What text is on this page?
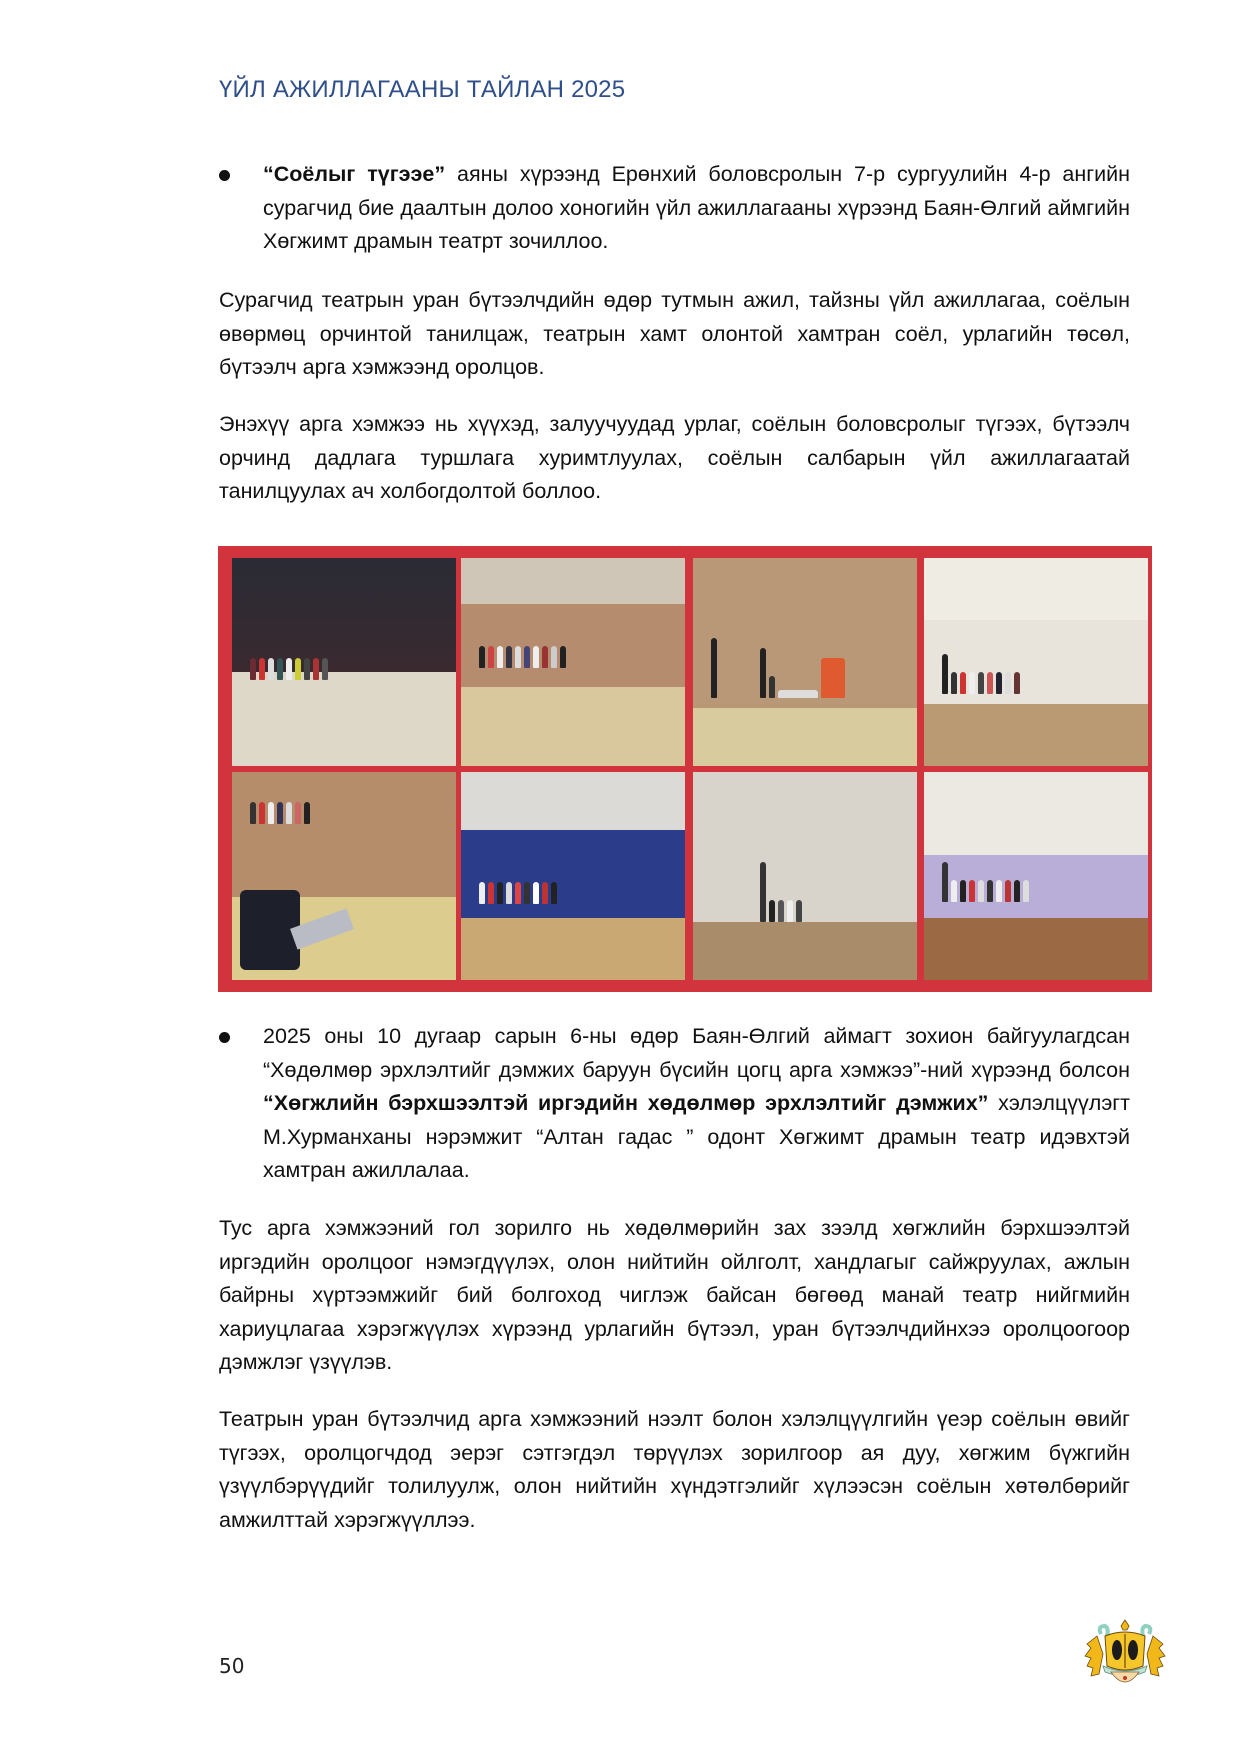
ҮЙЛ АЖИЛЛАГААНЫ ТАЙЛАН 2025
“Соёлыг түгээе” аяны хүрээнд Ерөнхий боловсролын 7-р сургуулийн 4-р ангийн сурагчид бие даалтын долоо хоногийн үйл ажиллагааны хүрээнд Баян-Өлгий аймгийн Хөгжимт драмын театрт зочиллоо.

Сурагчид театрын уран бүтээлчдийн өдөр тутмын ажил, тайзны үйл ажиллагаа, соёлын өвөрмөц орчинтой танилцаж, театрын хамт олонтой хамтран соёл, урлагийн төсөл, бүтээлч арга хэмжээнд оролцов.

Энэхүү арга хэмжээ нь хүүхэд, залуучуудад урлаг, соёлын боловсролыг түгээх, бүтээлч орчинд дадлага туршлага хуримтлуулах, соёлын салбарын үйл ажиллагаатай танилцуулах ач холбогдолтой боллоо.

2025 оны 10 дугаар сарын 6-ны өдөр Баян-Өлгий аймагт зохион байгуулагдсан “Хөдөлмөр эрхлэлтийг дэмжих баруун бүсийн цогц арга хэмжээ”-ний хүрээнд болсон “Хөгжлийн бэрхшээлтэй иргэдийн хөдөлмөр эрхлэлтийг дэмжих” хэлэлцүүлэгт М.Хурманханы нэрэмжит “Алтан гадас ” одонт Хөгжимт драмын театр идэвхтэй хамтран ажиллалаа.

Тус арга хэмжээний гол зорилго нь хөдөлмөрийн зах зээлд хөгжлийн бэрхшээлтэй иргэдийн оролцоог нэмэгдүүлэх, олон нийтийн ойлголт, хандлагыг сайжруулах, ажлын байрны хүртээмжийг бий болгоход чиглэж байсан бөгөөд манай театр нийгмийн хариуцлагаа хэрэгжүүлэх хүрээнд урлагийн бүтээл, уран бүтээлчдийнхээ оролцоогоор дэмжлэг үзүүлэв.

Театрын уран бүтээлчид арга хэмжээний нээлт болон хэлэлцүүлгийн үеэр соёлын өвийг түгээх, оролцогчдод эерэг сэтгэгдэл төрүүлэх зорилгоор ая дуу, хөгжим бүжгийн үзүүлбэрүүдийг толилуулж, олон нийтийн хүндэтгэлийг хүлээсэн соёлын хөтөлбөрийг амжилттай хэрэгжүүллээ.

50
